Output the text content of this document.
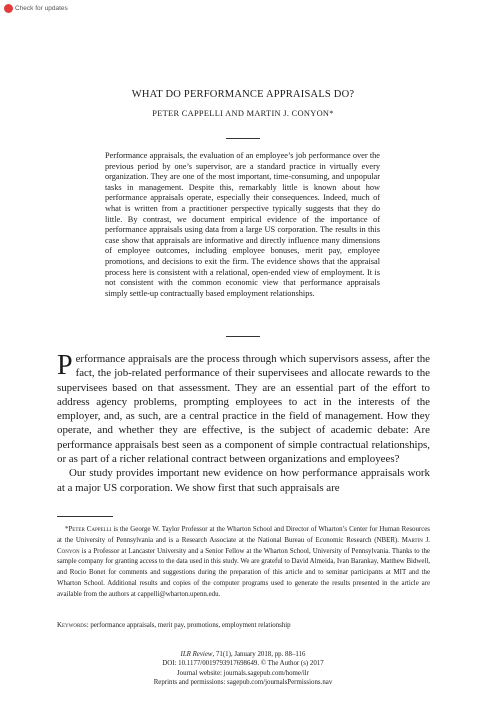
Check for updates
WHAT DO PERFORMANCE APPRAISALS DO?
PETER CAPPELLI AND MARTIN J. CONYON*
Performance appraisals, the evaluation of an employee’s job performance over the previous period by one’s supervisor, are a standard practice in virtually every organization. They are one of the most important, time-consuming, and unpopular tasks in management. Despite this, remarkably little is known about how performance appraisals operate, especially their consequences. Indeed, much of what is written from a practitioner perspective typically suggests that they do little. By contrast, we document empirical evidence of the importance of performance appraisals using data from a large US corporation. The results in this case show that appraisals are informative and directly influence many dimensions of employee outcomes, including employee bonuses, merit pay, employee promotions, and decisions to exit the firm. The evidence shows that the appraisal process here is consistent with a relational, open-ended view of employment. It is not consistent with the common economic view that performance appraisals simply settle-up contractually based employment relationships.

Performance appraisals are the process through which supervisors assess, after the fact, the job-related performance of their supervisees and allocate rewards to the supervisees based on that assessment. They are an essential part of the effort to address agency problems, prompting employees to act in the interests of the employer, and, as such, are a central practice in the field of management. How they operate, and whether they are effective, is the subject of academic debate: Are performance appraisals best seen as a component of simple contractual relationships, or as part of a richer relational contract between organizations and employees?

Our study provides important new evidence on how performance appraisals work at a major US corporation. We show first that such appraisals are

*Peter Cappelli is the George W. Taylor Professor at the Wharton School and Director of Wharton’s Center for Human Resources at the University of Pennsylvania and is a Research Associate at the National Bureau of Economic Research (NBER). Martin J. Conyon is a Professor at Lancaster University and a Senior Fellow at the Wharton School, University of Pennsylvania. Thanks to the sample company for granting access to the data used in this study. We are grateful to David Almeida, Ivan Barankay, Matthew Bidwell, and Rocio Bonet for comments and suggestions during the preparation of this article and to seminar participants at MIT and the Wharton School. Additional results and copies of the computer programs used to generate the results presented in the article are available from the authors at cappelli@wharton.upenn.edu.

Keywords: performance appraisals, merit pay, promotions, employment relationship
ILR Review, 71(1), January 2018, pp. 88–116
DOI: 10.1177/0019793917698649. © The Author (s) 2017
Journal website: journals.sagepub.com/home/ilr
Reprints and permissions: sagepub.com/journalsPermissions.nav
